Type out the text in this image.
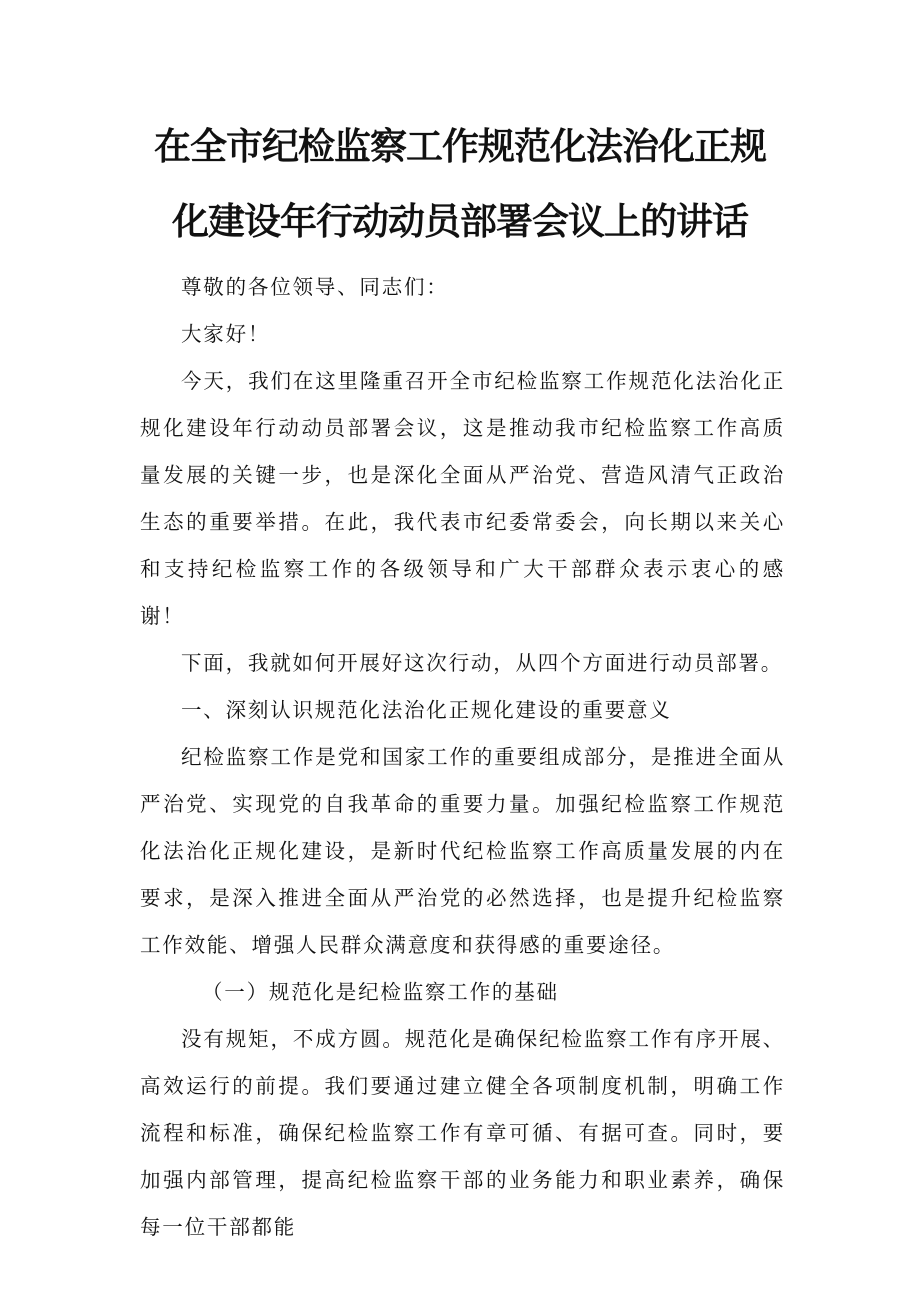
在全市纪检监察工作规范化法治化正规
化建设年行动动员部署会议上的讲话

尊敬的各位领导、同志们：

大家好！

今天，我们在这里隆重召开全市纪检监察工作规范化法治化正规化建设年行动动员部署会议，这是推动我市纪检监察工作高质量发展的关键一步，也是深化全面从严治党、营造风清气正政治生态的重要举措。在此，我代表市纪委常委会，向长期以来关心和支持纪检监察工作的各级领导和广大干部群众表示衷心的感谢！

下面，我就如何开展好这次行动，从四个方面进行动员部署。

一、深刻认识规范化法治化正规化建设的重要意义

纪检监察工作是党和国家工作的重要组成部分，是推进全面从严治党、实现党的自我革命的重要力量。加强纪检监察工作规范化法治化正规化建设，是新时代纪检监察工作高质量发展的内在要求，是深入推进全面从严治党的必然选择，也是提升纪检监察工作效能、增强人民群众满意度和获得感的重要途径。

（一）规范化是纪检监察工作的基础

没有规矩，不成方圆。规范化是确保纪检监察工作有序开展、高效运行的前提。我们要通过建立健全各项制度机制，明确工作流程和标准，确保纪检监察工作有章可循、有据可查。同时，要加强内部管理，提高纪检监察干部的业务能力和职业素养，确保每一位干部都能
